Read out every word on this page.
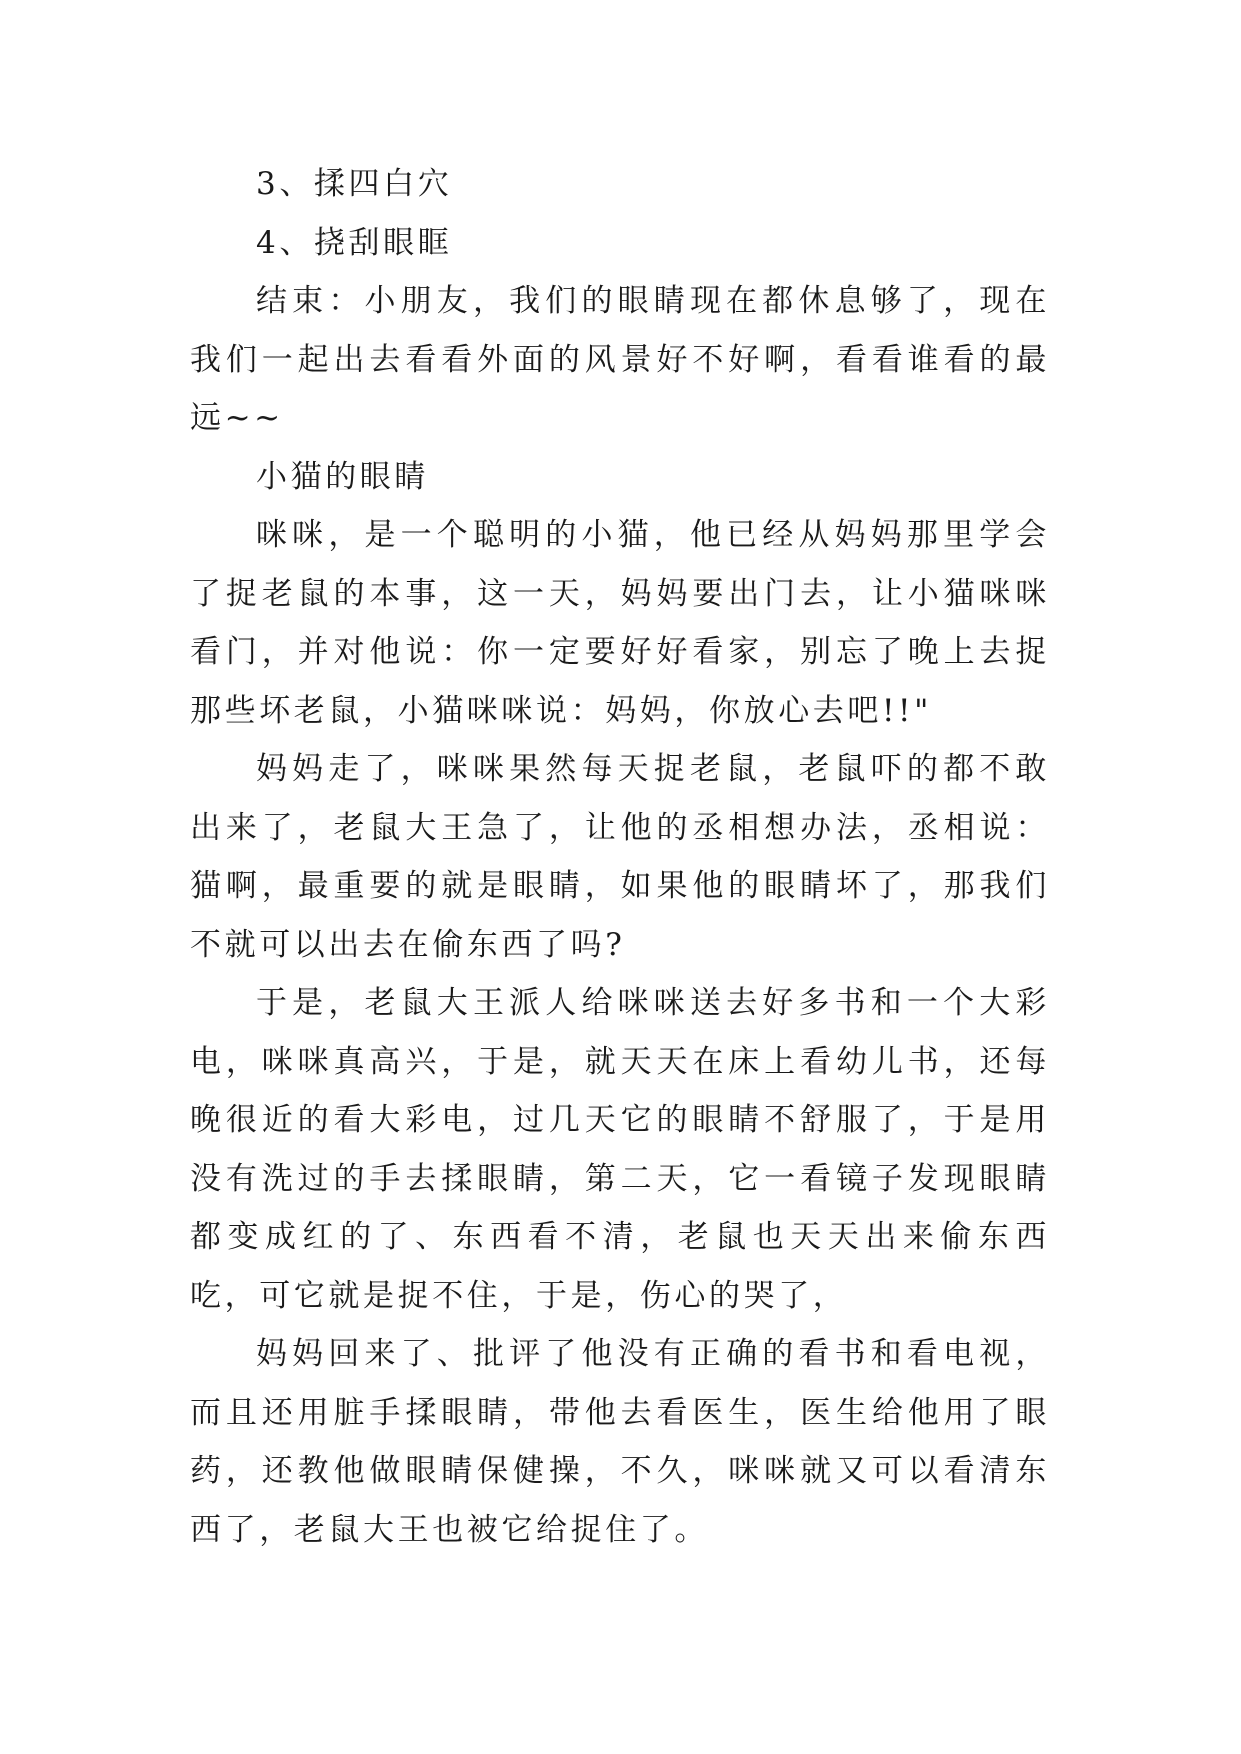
3、揉四白穴

4、挠刮眼眶

结束：小朋友，我们的眼睛现在都休息够了，现在我们一起出去看看外面的风景好不好啊，看看谁看的最远~~

小猫的眼睛

咪咪，是一个聪明的小猫，他已经从妈妈那里学会了捉老鼠的本事，这一天，妈妈要出门去，让小猫咪咪看门，并对他说：你一定要好好看家，别忘了晚上去捉那些坏老鼠，小猫咪咪说：妈妈，你放心去吧!!"

妈妈走了，咪咪果然每天捉老鼠，老鼠吓的都不敢出来了，老鼠大王急了，让他的丞相想办法，丞相说：猫啊，最重要的就是眼睛，如果他的眼睛坏了，那我们不就可以出去在偷东西了吗?

于是，老鼠大王派人给咪咪送去好多书和一个大彩电，咪咪真高兴，于是，就天天在床上看幼儿书，还每晚很近的看大彩电，过几天它的眼睛不舒服了，于是用没有洗过的手去揉眼睛，第二天，它一看镜子发现眼睛都变成红的了、东西看不清，老鼠也天天出来偷东西吃，可它就是捉不住，于是，伤心的哭了，

妈妈回来了、批评了他没有正确的看书和看电视，而且还用脏手揉眼睛，带他去看医生，医生给他用了眼药，还教他做眼睛保健操，不久，咪咪就又可以看清东西了，老鼠大王也被它给捉住了。
